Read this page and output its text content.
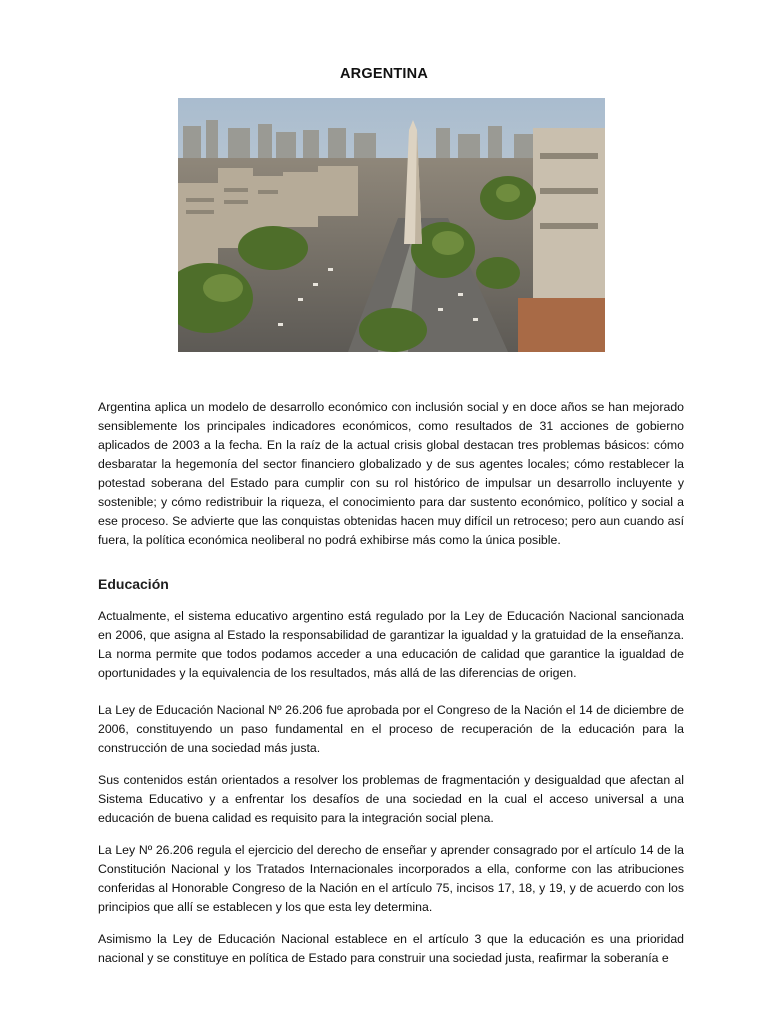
ARGENTINA
Argentina aplica un modelo de desarrollo económico con inclusión social y en doce años se han mejorado sensiblemente los principales indicadores económicos, como resultados de 31 acciones de gobierno aplicados de 2003 a la fecha. En la raíz de la actual crisis global destacan tres problemas básicos: cómo desbaratar la hegemonía del sector financiero globalizado y de sus agentes locales; cómo restablecer la potestad soberana del Estado para cumplir con su rol histórico de impulsar un desarrollo incluyente y sostenible; y cómo redistribuir la riqueza, el conocimiento para dar sustento económico, político y social a ese proceso. Se advierte que las conquistas obtenidas hacen muy difícil un retroceso; pero aun cuando así fuera, la política económica neoliberal no podrá exhibirse más como la única posible.
Educación
Actualmente, el sistema educativo argentino está regulado por la Ley de Educación Nacional sancionada en 2006, que asigna al Estado la responsabilidad de garantizar la igualdad y la gratuidad de la enseñanza. La norma permite que todos podamos acceder a una educación de calidad que garantice la igualdad de oportunidades y la equivalencia de los resultados, más allá de las diferencias de origen.
La Ley de Educación Nacional Nº 26.206 fue aprobada por el Congreso de la Nación el 14 de diciembre de 2006, constituyendo un paso fundamental en el proceso de recuperación de la educación para la construcción de una sociedad más justa.
Sus contenidos están orientados a resolver los problemas de fragmentación y desigualdad que afectan al Sistema Educativo y a enfrentar los desafíos de una sociedad en la cual el acceso universal a una educación de buena calidad es requisito para la integración social plena.
La Ley Nº 26.206 regula el ejercicio del derecho de enseñar y aprender consagrado por el artículo 14 de la Constitución Nacional y los Tratados Internacionales incorporados a ella, conforme con las atribuciones conferidas al Honorable Congreso de la Nación en el artículo 75, incisos 17, 18, y 19, y de acuerdo con los principios que allí se establecen y los que esta ley determina.
Asimismo la Ley de Educación Nacional establece en el artículo 3 que la educación es una prioridad nacional y se constituye en política de Estado para construir una sociedad justa, reafirmar la soberanía e
